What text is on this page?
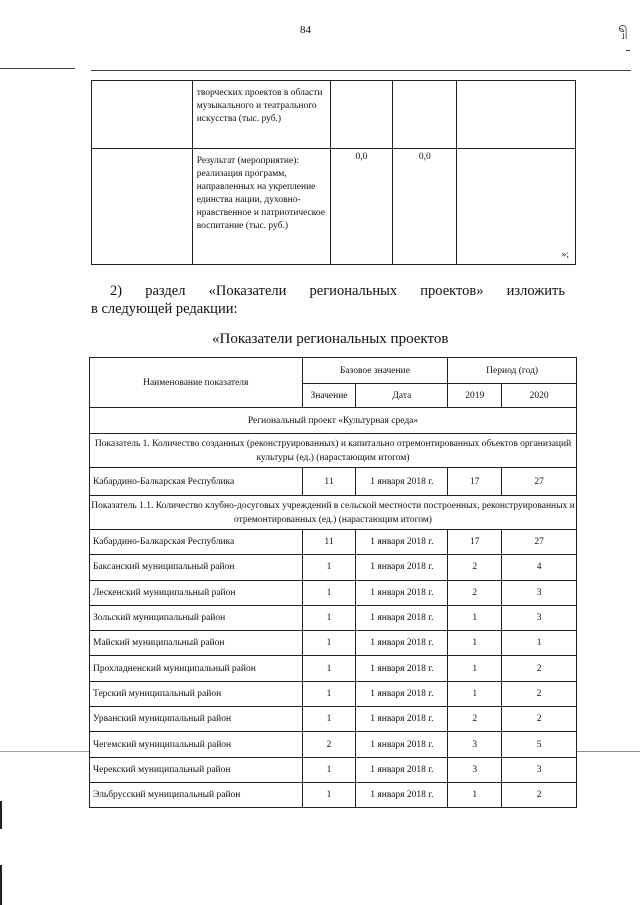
84	ၡ
	творческих проектов в области музыкального и театрального искусства (тыс. руб.)			
	Результат (мероприятие): реализация программ, направленных на укрепление единства нации, духовно-нравственное и патриотическое воспитание (тыс. руб.)	0,0	0,0	»;
2) раздел «Показатели региональных проектов» изложить
в следующей редакции:
«Показатели региональных проектов
Наименование показателя	Базовое значение		Период (год)	
	Значение	Дата	2019	2020
Региональный проект «Культурная среда»				
Показатель 1. Количество созданных (реконструированных) и капитально отремонтированных объектов организаций культуры (ед.) (нарастающим итогом)				
Кабардино-Балкарская Республика	11	1 января 2018 г.	17	27
Показатель 1.1. Количество клубно-досуговых учреждений в сельской местности построенных, реконструированных и отремонтированных (ед.) (нарастающим итогом)				
Кабардино-Балкарская Республика	11	1 января 2018 г.	17	27
Баксанский муниципальный район	1	1 января 2018 г.	2	4
Лескенский муниципальный район	1	1 января 2018 г.	2	3
Зольский муниципальный район	1	1 января 2018 г.	1	3
Майский муниципальный район	1	1 января 2018 г.	1	1
Прохладненский муниципальный район	1	1 января 2018 г.	1	2
Терский муниципальный район	1	1 января 2018 г.	1	2
Урванский муниципальный район	1	1 января 2018 г.	2	2
Чегемский муниципальный район	2	1 января 2018 г.	3	5
Черекский муниципальный район	1	1 января 2018 г.	3	3
Эльбрусский муниципальный район	1	1 января 2018 г.	1	2
